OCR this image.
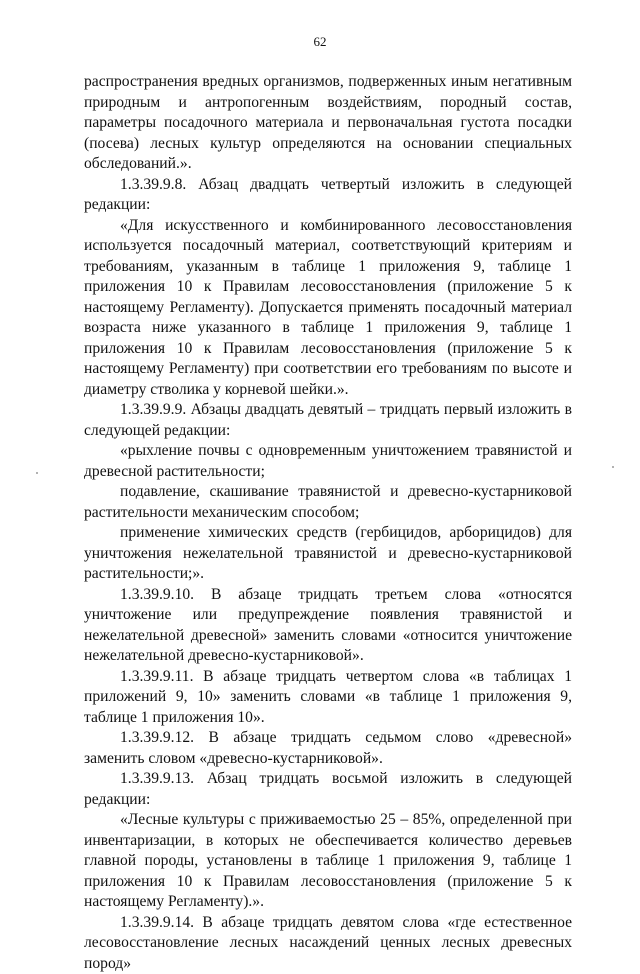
62

распространения вредных организмов, подверженных иным негативным природным и антропогенным воздействиям, породный состав, параметры посадочного материала и первоначальная густота посадки (посева) лесных культур определяются на основании специальных обследований.».

1.3.39.9.8. Абзац двадцать четвертый изложить в следующей редакции:

«Для искусственного и комбинированного лесовосстановления используется посадочный материал, соответствующий критериям и требованиям, указанным в таблице 1 приложения 9, таблице 1 приложения 10 к Правилам лесовосстановления (приложение 5 к настоящему Регламенту). Допускается применять посадочный материал возраста ниже указанного в таблице 1 приложения 9, таблице 1 приложения 10 к Правилам лесовосстановления (приложение 5 к настоящему Регламенту) при соответствии его требованиям по высоте и диаметру стволика у корневой шейки.».

1.3.39.9.9. Абзацы двадцать девятый – тридцать первый изложить в следующей редакции:

«рыхление почвы с одновременным уничтожением травянистой и древесной растительности;

подавление, скашивание травянистой и древесно-кустарниковой растительности механическим способом;

применение химических средств (гербицидов, арборицидов) для уничтожения нежелательной травянистой и древесно-кустарниковой растительности;».

1.3.39.9.10. В абзаце тридцать третьем слова «относятся уничтожение или предупреждение появления травянистой и нежелательной древесной» заменить словами «относится уничтожение нежелательной древесно-кустарниковой».

1.3.39.9.11. В абзаце тридцать четвертом слова «в таблицах 1 приложений 9, 10» заменить словами «в таблице 1 приложения 9, таблице 1 приложения 10».

1.3.39.9.12. В абзаце тридцать седьмом слово «древесной» заменить словом «древесно-кустарниковой».

1.3.39.9.13. Абзац тридцать восьмой изложить в следующей редакции:

«Лесные культуры с приживаемостью 25 – 85%, определенной при инвентаризации, в которых не обеспечивается количество деревьев главной породы, установлены в таблице 1 приложения 9, таблице 1 приложения 10 к Правилам лесовосстановления (приложение 5 к настоящему Регламенту).».

1.3.39.9.14. В абзаце тридцать девятом слова «где естественное лесовосстановление лесных насаждений ценных лесных древесных пород»
